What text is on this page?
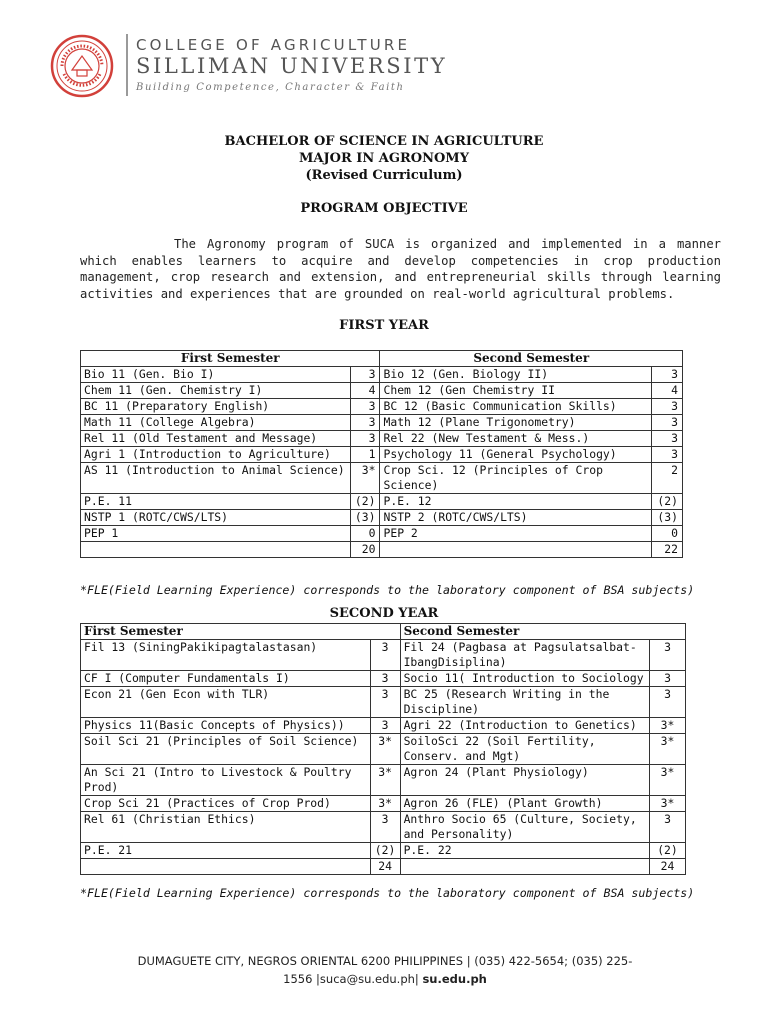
COLLEGE OF AGRICULTURE
SILLIMAN UNIVERSITY
Building Competence, Character & Faith
BACHELOR OF SCIENCE IN AGRICULTURE
MAJOR IN AGRONOMY
(Revised Curriculum)
PROGRAM OBJECTIVE

The Agronomy program of SUCA is organized and implemented in a manner which enables learners to acquire and develop competencies in crop production management, crop research and extension, and entrepreneurial skills through learning activities and experiences that are grounded on real-world agricultural problems.

FIRST YEAR
First Semester		Second Semester	
Bio 11 (Gen. Bio I)	3	Bio 12 (Gen. Biology II)	3
Chem 11 (Gen. Chemistry I)	4	Chem 12 (Gen Chemistry II	4
BC 11 (Preparatory English)	3	BC 12 (Basic Communication Skills)	3
Math 11 (College Algebra)	3	Math 12 (Plane Trigonometry)	3
Rel 11 (Old Testament and Message)	3	Rel 22 (New Testament & Mess.)	3
Agri 1 (Introduction to Agriculture)	1	Psychology 11 (General Psychology)	3
AS 11 (Introduction to Animal Science)	3*	Crop Sci. 12 (Principles of Crop Science)	2
P.E. 11	(2)	P.E. 12	(2)
NSTP 1 (ROTC/CWS/LTS)	(3)	NSTP 2 (ROTC/CWS/LTS)	(3)
PEP 1	0	PEP 2	0
	20		22
*FLE(Field Learning Experience) corresponds to the laboratory component of BSA subjects)
SECOND YEAR
First Semester		Second Semester	
Fil 13 (SiningPakikipagtalastasan)	3	Fil 24 (Pagbasa at Pagsulatsalbat-IbangDisiplina)	3
CF I (Computer Fundamentals I)	3	Socio 11( Introduction to Sociology	3
Econ 21 (Gen Econ with TLR)	3	BC 25 (Research Writing in the Discipline)	3
Physics 11(Basic Concepts of Physics))	3	Agri 22 (Introduction to Genetics)	3*
Soil Sci 21 (Principles of Soil Science)	3*	SoiloSci 22 (Soil Fertility, Conserv. and Mgt)	3*
An Sci 21 (Intro to Livestock & Poultry Prod)	3*	Agron 24 (Plant Physiology)	3*
Crop Sci 21 (Practices of Crop Prod)	3*	Agron 26 (FLE) (Plant Growth)	3*
Rel 61 (Christian Ethics)	3	Anthro Socio 65 (Culture, Society, and Personality)	3
P.E. 21	(2)	P.E. 22	(2)
	24		24
*FLE(Field Learning Experience) corresponds to the laboratory component of BSA subjects)
DUMAGUETE CITY, NEGROS ORIENTAL 6200 PHILIPPINES | (035) 422-5654; (035) 225-1556 |suca@su.edu.ph| su.edu.ph
